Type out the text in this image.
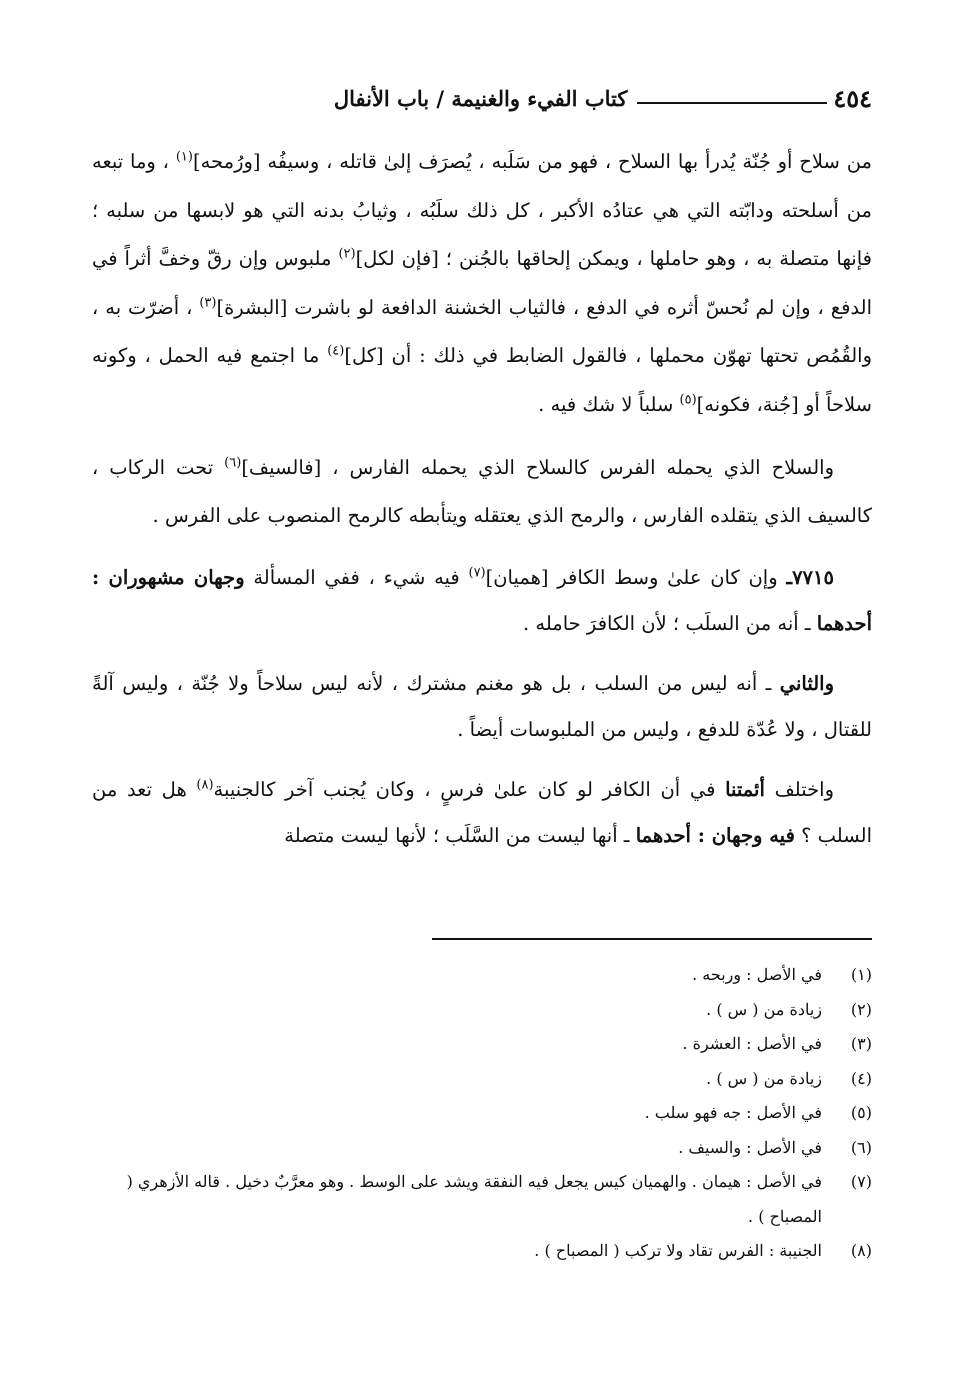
٤٥٤
كتاب الفيء والغنيمة / باب الأنفال

من سلاح أو جُنّة يُدرأ بها السلاح ، فهو من سَلَبه ، يُصرَف إلىٰ قاتله ، وسيفُه [ورُمحه]$^{(١)}$ ، وما تبعه من أسلحته ودابّته التي هي عتادُه الأكبر ، كل ذلك سلَبُه ، وثيابُ بدنه التي هو لابسها من سلبه ؛ فإنها متصلة به ، وهو حاملها ، ويمكن إلحاقها بالجُنن ؛ [فإن لكل]$^{(٢)}$ ملبوس وإن رقّ وخفَّ أثراً في الدفع ، وإن لم نُحسّ أثره في الدفع ، فالثياب الخشنة الدافعة لو باشرت [البشرة]$^{(٣)}$ ، أضرّت به ، والقُمُص تحتها تهوّن محملها ، فالقول الضابط في ذلك : أن [كل]$^{(٤)}$ ما اجتمع فيه الحمل ، وكونه سلاحاً أو [جُنة، فكونه]$^{(٥)}$ سلباً لا شك فيه .

والسلاح الذي يحمله الفرس كالسلاح الذي يحمله الفارس ، [فالسيف]$^{(٦)}$ تحت الركاب ، كالسيف الذي يتقلده الفارس ، والرمح الذي يعتقله ويتأبطه كالرمح المنصوب على الفرس .

٧٧١٥ـ وإن كان علىٰ وسط الكافر [هميان]$^{(٧)}$ فيه شيء ، ففي المسألة وجهان مشهوران : أحدهما ـ أنه من السلَب ؛ لأن الكافرَ حامله .

والثاني ـ أنه ليس من السلب ، بل هو مغنم مشترك ، لأنه ليس سلاحاً ولا جُنّة ، وليس آلةً للقتال ، ولا عُدّة للدفع ، وليس من الملبوسات أيضاً .

واختلف أئمتنا في أن الكافر لو كان علىٰ فرسٍ ، وكان يُجنب آخر كالجنيبة$^{(٨)}$ هل تعد من السلب ؟ فيه وجهان : أحدهما ـ أنها ليست من السَّلَب ؛ لأنها ليست متصلة

(١)
في الأصل : وربحه .
(٢)
زيادة من ( س ) .
(٣)
في الأصل : العشرة .
(٤)
زيادة من ( س ) .
(٥)
في الأصل : جه فهو سلب .
(٦)
في الأصل : والسيف .
(٧)
في الأصل : هيمان . والهميان كيس يجعل فيه النفقة ويشد على الوسط . وهو معرَّبٌ دخيل . قاله الأزهري ( المصباح ) .
(٨)
الجنيبة : الفرس تقاد ولا تركب ( المصباح ) .
